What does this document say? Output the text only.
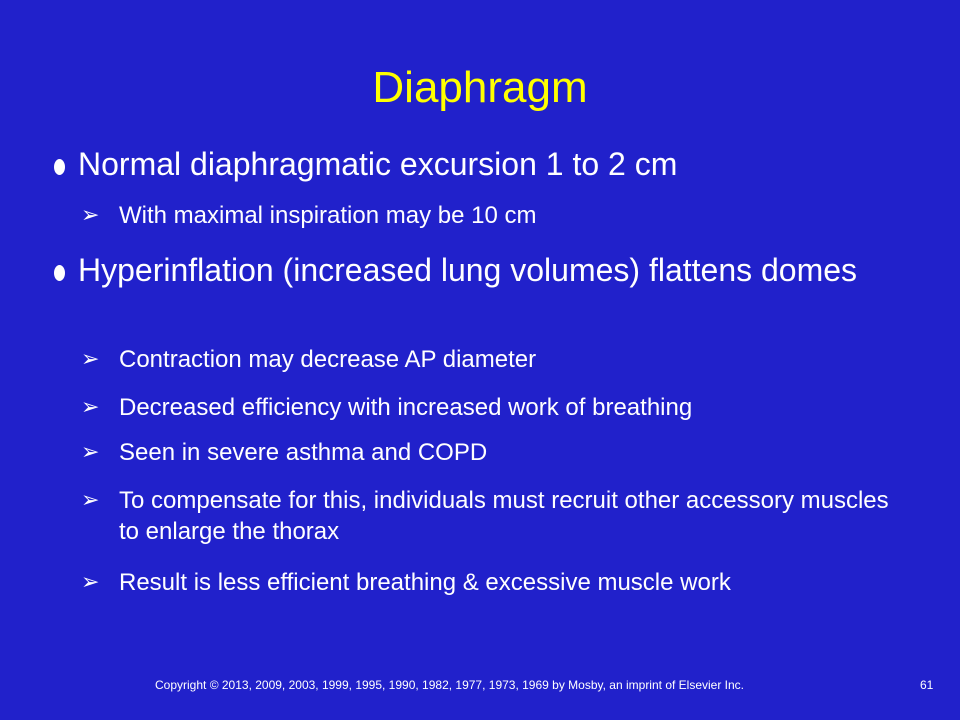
Diaphragm
Normal diaphragmatic excursion 1 to 2 cm
➢ With maximal inspiration may be 10 cm
Hyperinflation (increased lung volumes) flattens domes
➢ Contraction may decrease AP diameter
➢ Decreased efficiency with increased work of breathing
➢ Seen in severe asthma and COPD
➢ To compensate for this, individuals must recruit other accessory muscles to enlarge the thorax
➢ Result is less efficient breathing & excessive muscle work
Copyright © 2013, 2009, 2003, 1999, 1995, 1990, 1982, 1977, 1973, 1969 by Mosby, an imprint of Elsevier Inc.	61
